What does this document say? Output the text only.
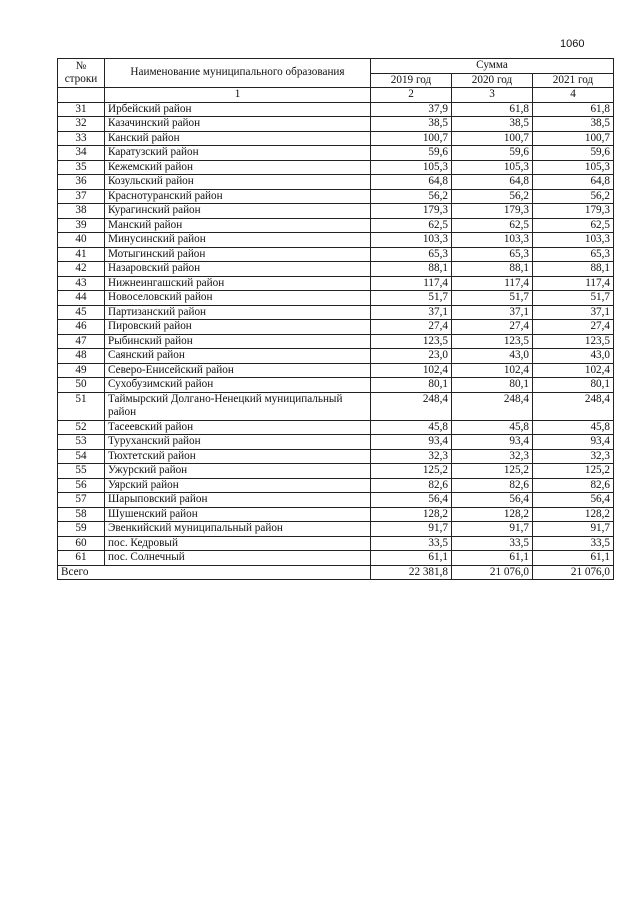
1060
№
строки	Наименование муниципального образования	Сумма		
		2019 год	2020 год	2021 год
	1	2	3	4
31	Ирбейский район	37,9	61,8	61,8
32	Казачинский район	38,5	38,5	38,5
33	Канский район	100,7	100,7	100,7
34	Каратузский район	59,6	59,6	59,6
35	Кежемский район	105,3	105,3	105,3
36	Козульский район	64,8	64,8	64,8
37	Краснотуранский район	56,2	56,2	56,2
38	Курагинский район	179,3	179,3	179,3
39	Манский район	62,5	62,5	62,5
40	Минусинский район	103,3	103,3	103,3
41	Мотыгинский район	65,3	65,3	65,3
42	Назаровский район	88,1	88,1	88,1
43	Нижнеингашский район	117,4	117,4	117,4
44	Новоселовский район	51,7	51,7	51,7
45	Партизанский район	37,1	37,1	37,1
46	Пировский район	27,4	27,4	27,4
47	Рыбинский район	123,5	123,5	123,5
48	Саянский район	23,0	43,0	43,0
49	Северо-Енисейский район	102,4	102,4	102,4
50	Сухобузимский район	80,1	80,1	80,1
51	Таймырский Долгано-Ненецкий муниципальный район	248,4	248,4	248,4
52	Тасеевский район	45,8	45,8	45,8
53	Туруханский район	93,4	93,4	93,4
54	Тюхтетский район	32,3	32,3	32,3
55	Ужурский район	125,2	125,2	125,2
56	Уярский район	82,6	82,6	82,6
57	Шарыповский район	56,4	56,4	56,4
58	Шушенский район	128,2	128,2	128,2
59	Эвенкийский муниципальный район	91,7	91,7	91,7
60	пос. Кедровый	33,5	33,5	33,5
61	пос. Солнечный	61,1	61,1	61,1
Всего		22 381,8	21 076,0	21 076,0
